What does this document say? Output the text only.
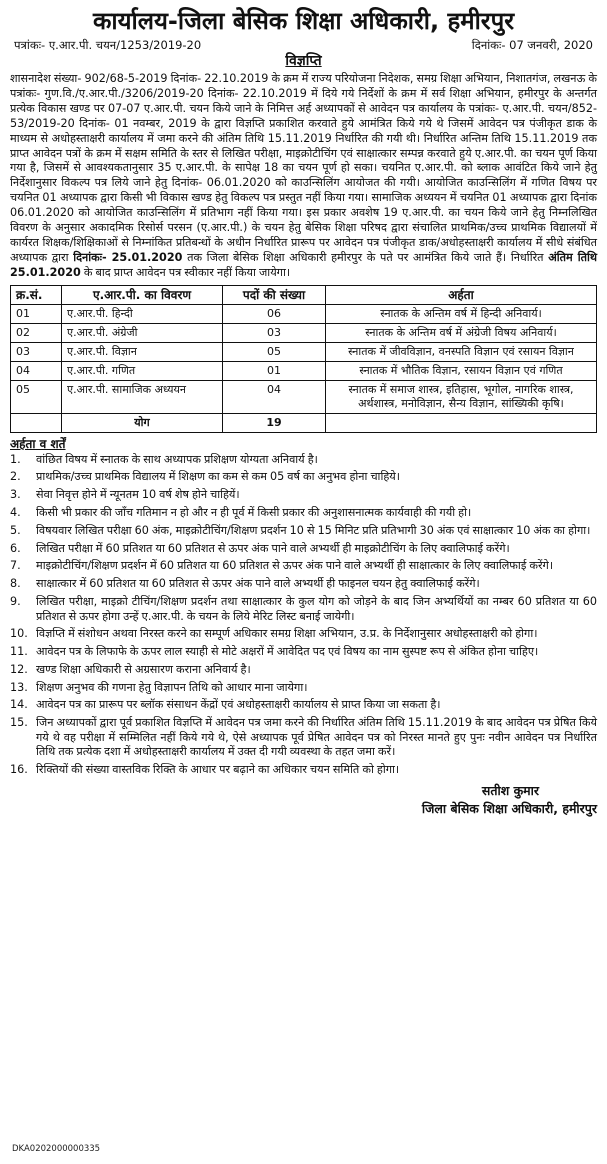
कार्यालय-जिला बेसिक शिक्षा अधिकारी, हमीरपुर
पत्रांकः- ए.आर.पी. चयन/1253/2019-20	दिनांकः- 07 जनवरी, 2020
विज्ञप्ति

शासनादेश संख्या- 902/68-5-2019 दिनांक- 22.10.2019 के क्रम में राज्य परियोजना निदेशक, समग्र शिक्षा अभियान, निशातगंज, लखनऊ के पत्रांकः- गुण.वि./ए.आर.पी./3206/2019-20 दिनांक- 22.10.2019 में दिये गये निर्देशों के क्रम में सर्व शिक्षा अभियान, हमीरपुर के अन्तर्गत प्रत्येक विकास खण्ड पर 07-07 ए.आर.पी. चयन किये जाने के निमित्त अर्ह अध्यापकों से आवेदन पत्र कार्यालय के पत्रांकः- ए.आर.पी. चयन/852-53/2019-20 दिनांक- 01 नवम्बर, 2019 के द्वारा विज्ञप्ति प्रकाशित करवाते हुये आमंत्रित किये गये थे जिसमें आवेदन पत्र पंजीकृत डाक के माध्यम से अधोहस्ताक्षरी कार्यालय में जमा करने की अंतिम तिथि 15.11.2019 निर्धारित की गयी थी। निर्धारित अन्तिम तिथि 15.11.2019 तक प्राप्त आवेदन पत्रों के क्रम में सक्षम समिति के स्तर से लिखित परीक्षा, माइक्रोटीचिंग एवं साक्षात्कार सम्पन्न करवाते हुये ए.आर.पी. का चयन पूर्ण किया गया है, जिसमें से आवश्यकतानुसार 35 ए.आर.पी. के सापेक्ष 18 का चयन पूर्ण हो सका। चयनित ए.आर.पी. को ब्लाक आवंटित किये जाने हेतु निर्देशानुसार विकल्प पत्र लिये जाने हेतु दिनांक- 06.01.2020 को काउन्सिलिंग आयोजत की गयी। आयोजित काउन्सिलिंग में गणित विषय पर चयनित 01 अध्यापक द्वारा किसी भी विकास खण्ड हेतु विकल्प पत्र प्रस्तुत नहीं किया गया। सामाजिक अध्ययन में चयनित 01 अध्यापक द्वारा दिनांक 06.01.2020 को आयोजित काउन्सिलिंग में प्रतिभाग नहीं किया गया। इस प्रकार अवशेष 19 ए.आर.पी. का चयन किये जाने हेतु निम्नलिखित विवरण के अनुसार अकादमिक रिसोर्स परसन (ए.आर.पी.) के चयन हेतु बेसिक शिक्षा परिषद द्वारा संचालित प्राथमिक/उच्च प्राथमिक विद्यालयों में कार्यरत शिक्षक/शिक्षिकाओं से निम्नांकित प्रतिबन्धों के अधीन निर्धारित प्रारूप पर आवेदन पत्र पंजीकृत डाक/अधोहस्ताक्षरी कार्यालय में सीधे संबंधित अध्यापक द्वारा दिनांकः- 25.01.2020 तक जिला बेसिक शिक्षा अधिकारी हमीरपुर के पते पर आमंत्रित किये जाते हैं। निर्धारित अंतिम तिथि 25.01.2020 के बाद प्राप्त आवेदन पत्र स्वीकार नहीं किया जायेगा।

क्र.सं.	ए.आर.पी. का विवरण	पदों की संख्या	अर्हता
01	ए.आर.पी. हिन्दी	06	स्नातक के अन्तिम वर्ष में हिन्दी अनिवार्य।
02	ए.आर.पी. अंग्रेजी	03	स्नातक के अन्तिम वर्ष में अंग्रेजी विषय अनिवार्य।
03	ए.आर.पी. विज्ञान	05	स्नातक में जीवविज्ञान, वनस्पति विज्ञान एवं रसायन विज्ञान
04	ए.आर.पी. गणित	01	स्नातक में भौतिक विज्ञान, रसायन विज्ञान एवं गणित
05	ए.आर.पी. सामाजिक अध्ययन	04	स्नातक में समाज शास्त्र, इतिहास, भूगोल, नागरिक शास्त्र, अर्थशास्त्र, मनोविज्ञान, सैन्य विज्ञान, सांख्यिकी कृषि।
	योग	19	
अर्हता व शर्तें
1.	वांछित विषय में स्नातक के साथ अध्यापक प्रशिक्षण योग्यता अनिवार्य है।
2.	प्राथमिक/उच्च प्राथमिक विद्यालय में शिक्षण का कम से कम 05 वर्ष का अनुभव होना चाहिये।
3.	सेवा निवृत्त होने में न्यूनतम 10 वर्ष शेष होने चाहियें।
4.	किसी भी प्रकार की जाँच गतिमान न हो और न ही पूर्व में किसी प्रकार की अनुशासनात्मक कार्यवाही की गयी हो।
5.	विषयवार लिखित परीक्षा 60 अंक, माइक्रोटीचिंग/शिक्षण प्रदर्शन 10 से 15 मिनिट प्रति प्रतिभागी 30 अंक एवं साक्षात्कार 10 अंक का होगा।
6.	लिखित परीक्षा में 60 प्रतिशत या 60 प्रतिशत से ऊपर अंक पाने वाले अभ्यर्थी ही माइक्रोटीचिंग के लिए क्वालिफाई करेंगे।
7.	माइक्रोटीचिंग/शिक्षण प्रदर्शन में 60 प्रतिशत या 60 प्रतिशत से ऊपर अंक पाने वाले अभ्यर्थी ही साक्षात्कार के लिए क्वालिफाई करेंगे।
8.	साक्षात्कार में 60 प्रतिशत या 60 प्रतिशत से ऊपर अंक पाने वाले अभ्यर्थी ही फाइनल चयन हेतु क्वालिफाई करेंगे।
9.	लिखित परीक्षा, माइक्रो टीचिंग/शिक्षण प्रदर्शन तथा साक्षात्कार के कुल योग को जोड़ने के बाद जिन अभ्यर्थियों का नम्बर 60 प्रतिशत या 60 प्रतिशत से ऊपर होगा उन्हें ए.आर.पी. के चयन के लिये मेरिट लिस्ट बनाई जायेगी।
10. विज्ञप्ति में संशोधन अथवा निरस्त करने का सम्पूर्ण अधिकार समग्र शिक्षा अभियान, उ.प्र. के निर्देशानुसार अधोहस्ताक्षरी को होगा।
11. आवेदन पत्र के लिफाफे के ऊपर लाल स्याही से मोटे अक्षरों में आवेदित पद एवं विषय का नाम सुस्पष्ट रूप से अंकित होना चाहिए।
12. खण्ड शिक्षा अधिकारी से अग्रसारण कराना अनिवार्य है।
13. शिक्षण अनुभव की गणना हेतु विज्ञापन तिथि को आधार माना जायेगा।
14. आवेदन पत्र का प्रारूप पर ब्लॉक संसाधन केंद्रों एवं अधोहस्ताक्षरी कार्यालय से प्राप्त किया जा सकता है।
15. जिन अध्यापकों द्वारा पूर्व प्रकाशित विज्ञप्ति में आवेदन पत्र जमा करने की निर्धारित अंतिम तिथि 15.11.2019 के बाद आवेदन पत्र प्रेषित किये गये थे वह परीक्षा में सम्मिलित नहीं किये गये थे, ऐसे अध्यापक पूर्व प्रेषित आवेदन पत्र को निरस्त मानते हुए पुनः नवीन आवेदन पत्र निर्धारित तिथि तक प्रत्येक दशा में अधोहस्ताक्षरी कार्यालय में उक्त दी गयी व्यवस्था के तहत जमा करें।
16. रिक्तियों की संख्या वास्तविक रिक्ति के आधार पर बढ़ाने का अधिकार चयन समिति को होगा।
सतीश कुमार
जिला बेसिक शिक्षा अधिकारी, हमीरपुर
DKA0202000000335
